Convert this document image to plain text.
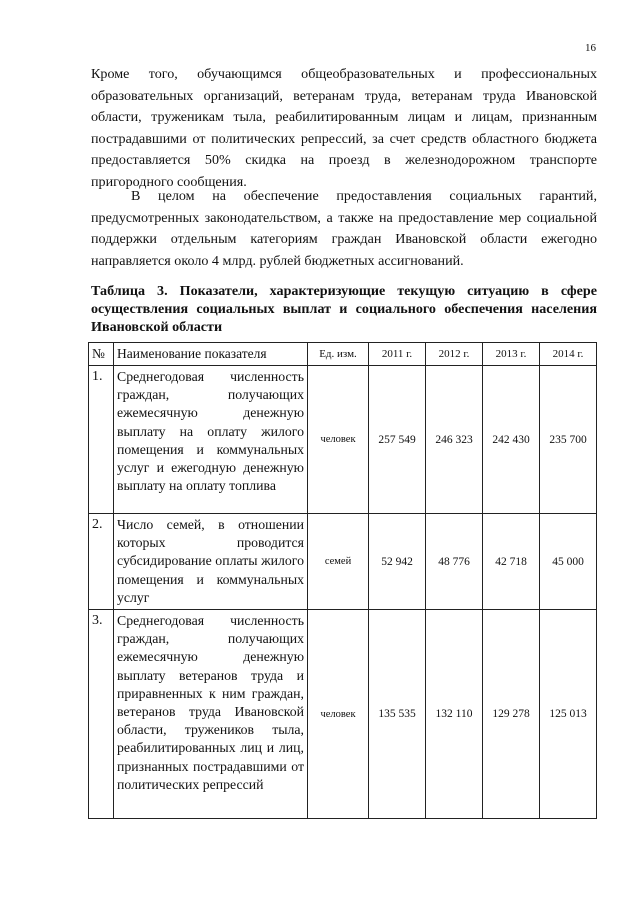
16

Кроме того, обучающимся общеобразовательных и профессиональных образовательных организаций, ветеранам труда, ветеранам труда Ивановской области, труженикам тыла, реабилитированным лицам и лицам, признанным пострадавшими от политических репрессий, за счет средств областного бюджета предоставляется 50% скидка на проезд в железнодорожном транспорте пригородного сообщения.

В целом на обеспечение предоставления социальных гарантий, предусмотренных законодательством, а также на предоставление мер социальной поддержки отдельным категориям граждан Ивановской области ежегодно направляется около 4 млрд. рублей бюджетных ассигнований.

Таблица 3. Показатели, характеризующие текущую ситуацию в сфере осуществления социальных выплат и социального обеспечения населения Ивановской области

№	Наименование показателя	Ед. изм.	2011 г.	2012 г.	2013 г.	2014 г.
1.	Среднегодовая численность граждан, получающих ежемесячную денежную выплату на оплату жилого помещения и коммунальных услуг и ежегодную денежную выплату на оплату топлива	человек	257 549	246 323	242 430	235 700
2.	Число семей, в отношении которых проводится субсидирование оплаты жилого помещения и коммунальных услуг	семей	52 942	48 776	42 718	45 000
3.	Среднегодовая численность граждан, получающих ежемесячную денежную выплату ветеранов труда и приравненных к ним граждан, ветеранов труда Ивановской области, тружеников тыла, реабилитированных лиц и лиц, признанных пострадавшими от политических репрессий	человек	135 535	132 110	129 278	125 013
